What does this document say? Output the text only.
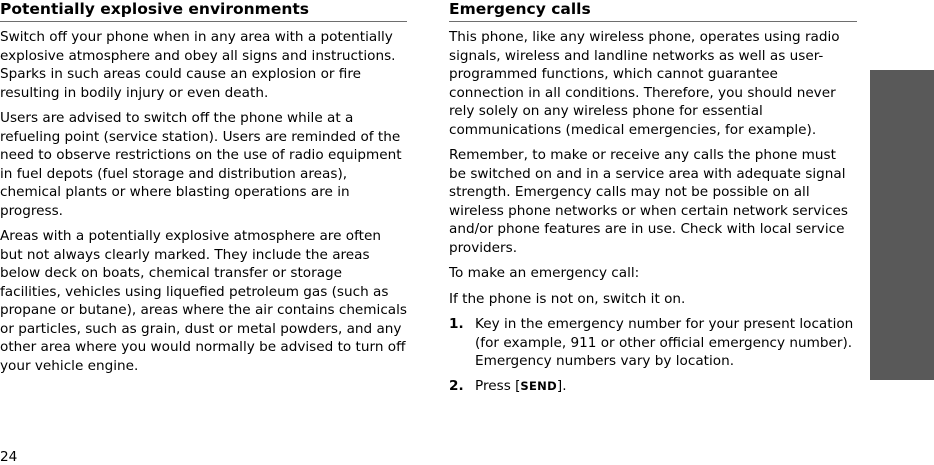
Potentially explosive environments

Switch off your phone when in any area with a potentially explosive atmosphere and obey all signs and instructions. Sparks in such areas could cause an explosion or fire resulting in bodily injury or even death.

Users are advised to switch off the phone while at a refueling point (service station). Users are reminded of the need to observe restrictions on the use of radio equipment in fuel depots (fuel storage and distribution areas), chemical plants or where blasting operations are in progress.

Areas with a potentially explosive atmosphere are often but not always clearly marked. They include the areas below deck on boats, chemical transfer or storage facilities, vehicles using liquefied petroleum gas (such as propane or butane), areas where the air contains chemicals or particles, such as grain, dust or metal powders, and any other area where you would normally be advised to turn off your vehicle engine.

Emergency calls

This phone, like any wireless phone, operates using radio signals, wireless and landline networks as well as user-programmed functions, which cannot guarantee connection in all conditions. Therefore, you should never rely solely on any wireless phone for essential communications (medical emergencies, for example).

Remember, to make or receive any calls the phone must be switched on and in a service area with adequate signal strength. Emergency calls may not be possible on all wireless phone networks or when certain network services and/or phone features are in use. Check with local service providers.

To make an emergency call:

If the phone is not on, switch it on.

1. Key in the emergency number for your present location (for example, 911 or other official emergency number). Emergency numbers vary by location.
2. Press [SEND].
24
